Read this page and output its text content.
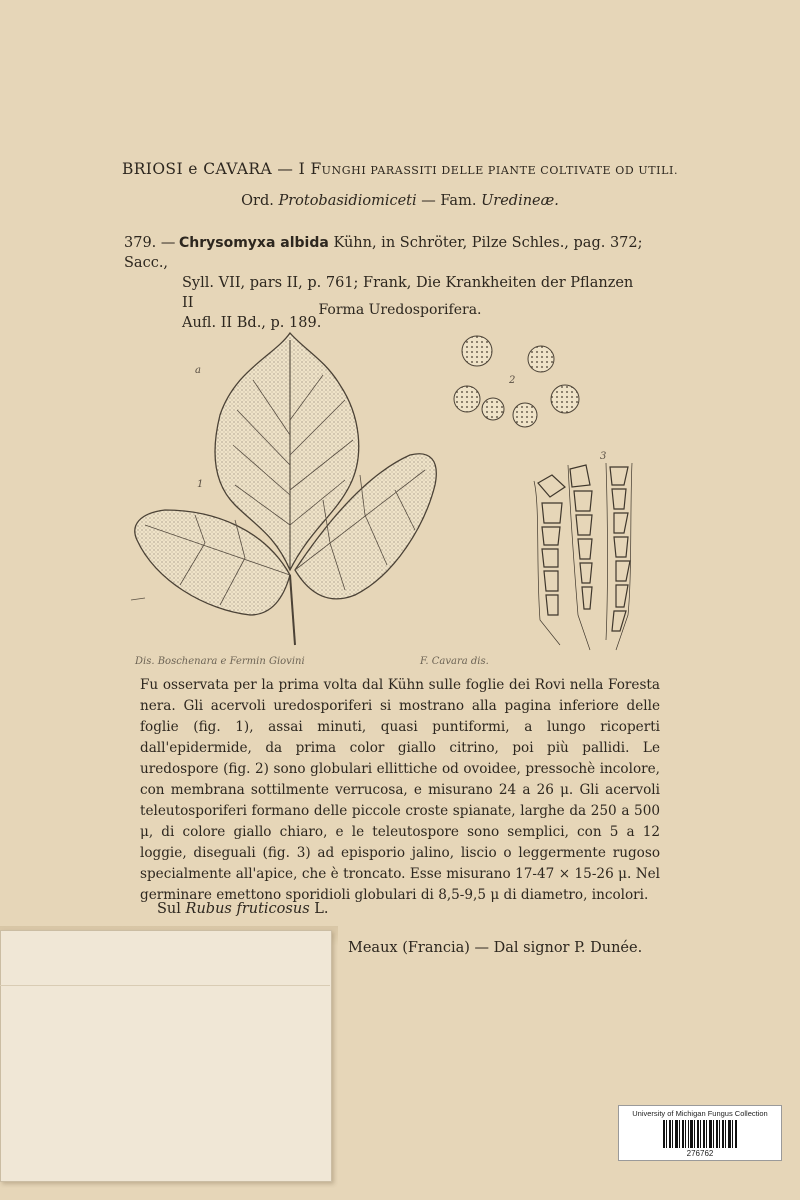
BRIOSI e CAVARA — I FUNGHI PARASSITI DELLE PIANTE COLTIVATE OD UTILI.
Ord. Protobasidiomiceti — Fam. Uredineæ.
379. — Chrysomyxa albida Kühn, in Schröter, Pilze Schles., pag. 372; Sacc.,
Syll. VII, pars II, p. 761; Frank, Die Krankheiten der Pflanzen II
Aufl. II Bd., p. 189.
Forma Uredosporifera.
a
1
2
3
Dis. Boschenara e Fermin Giovini	F. Cavara dis.

Fu osservata per la prima volta dal Kühn sulle foglie dei Rovi nella Foresta nera. Gli acervoli uredosporiferi si mostrano alla pagina inferiore delle foglie (fig. 1), assai minuti, quasi puntiformi, a lungo ricoperti dall'epidermide, da prima color giallo citrino, poi più pallidi. Le uredospore (fig. 2) sono globulari ellittiche od ovoidee, pressochè incolore, con membrana sottilmente verrucosa, e misurano 24 a 26 μ. Gli acervoli teleutosporiferi formano delle piccole croste spianate, larghe da 250 a 500 μ, di colore giallo chiaro, e le teleutospore sono semplici, con 5 a 12 loggie, diseguali (fig. 3) ad episporio jalino, liscio o leggermente rugoso specialmente all'apice, che è troncato. Esse misurano 17-47 × 15-26 μ. Nel germinare emettono sporidioli globulari di 8,5-9,5 μ di diametro, incolori.

Sul Rubus fruticosus L.
Meaux (Francia) — Dal signor P. Dunée.
University of Michigan Fungus Collection
276762
